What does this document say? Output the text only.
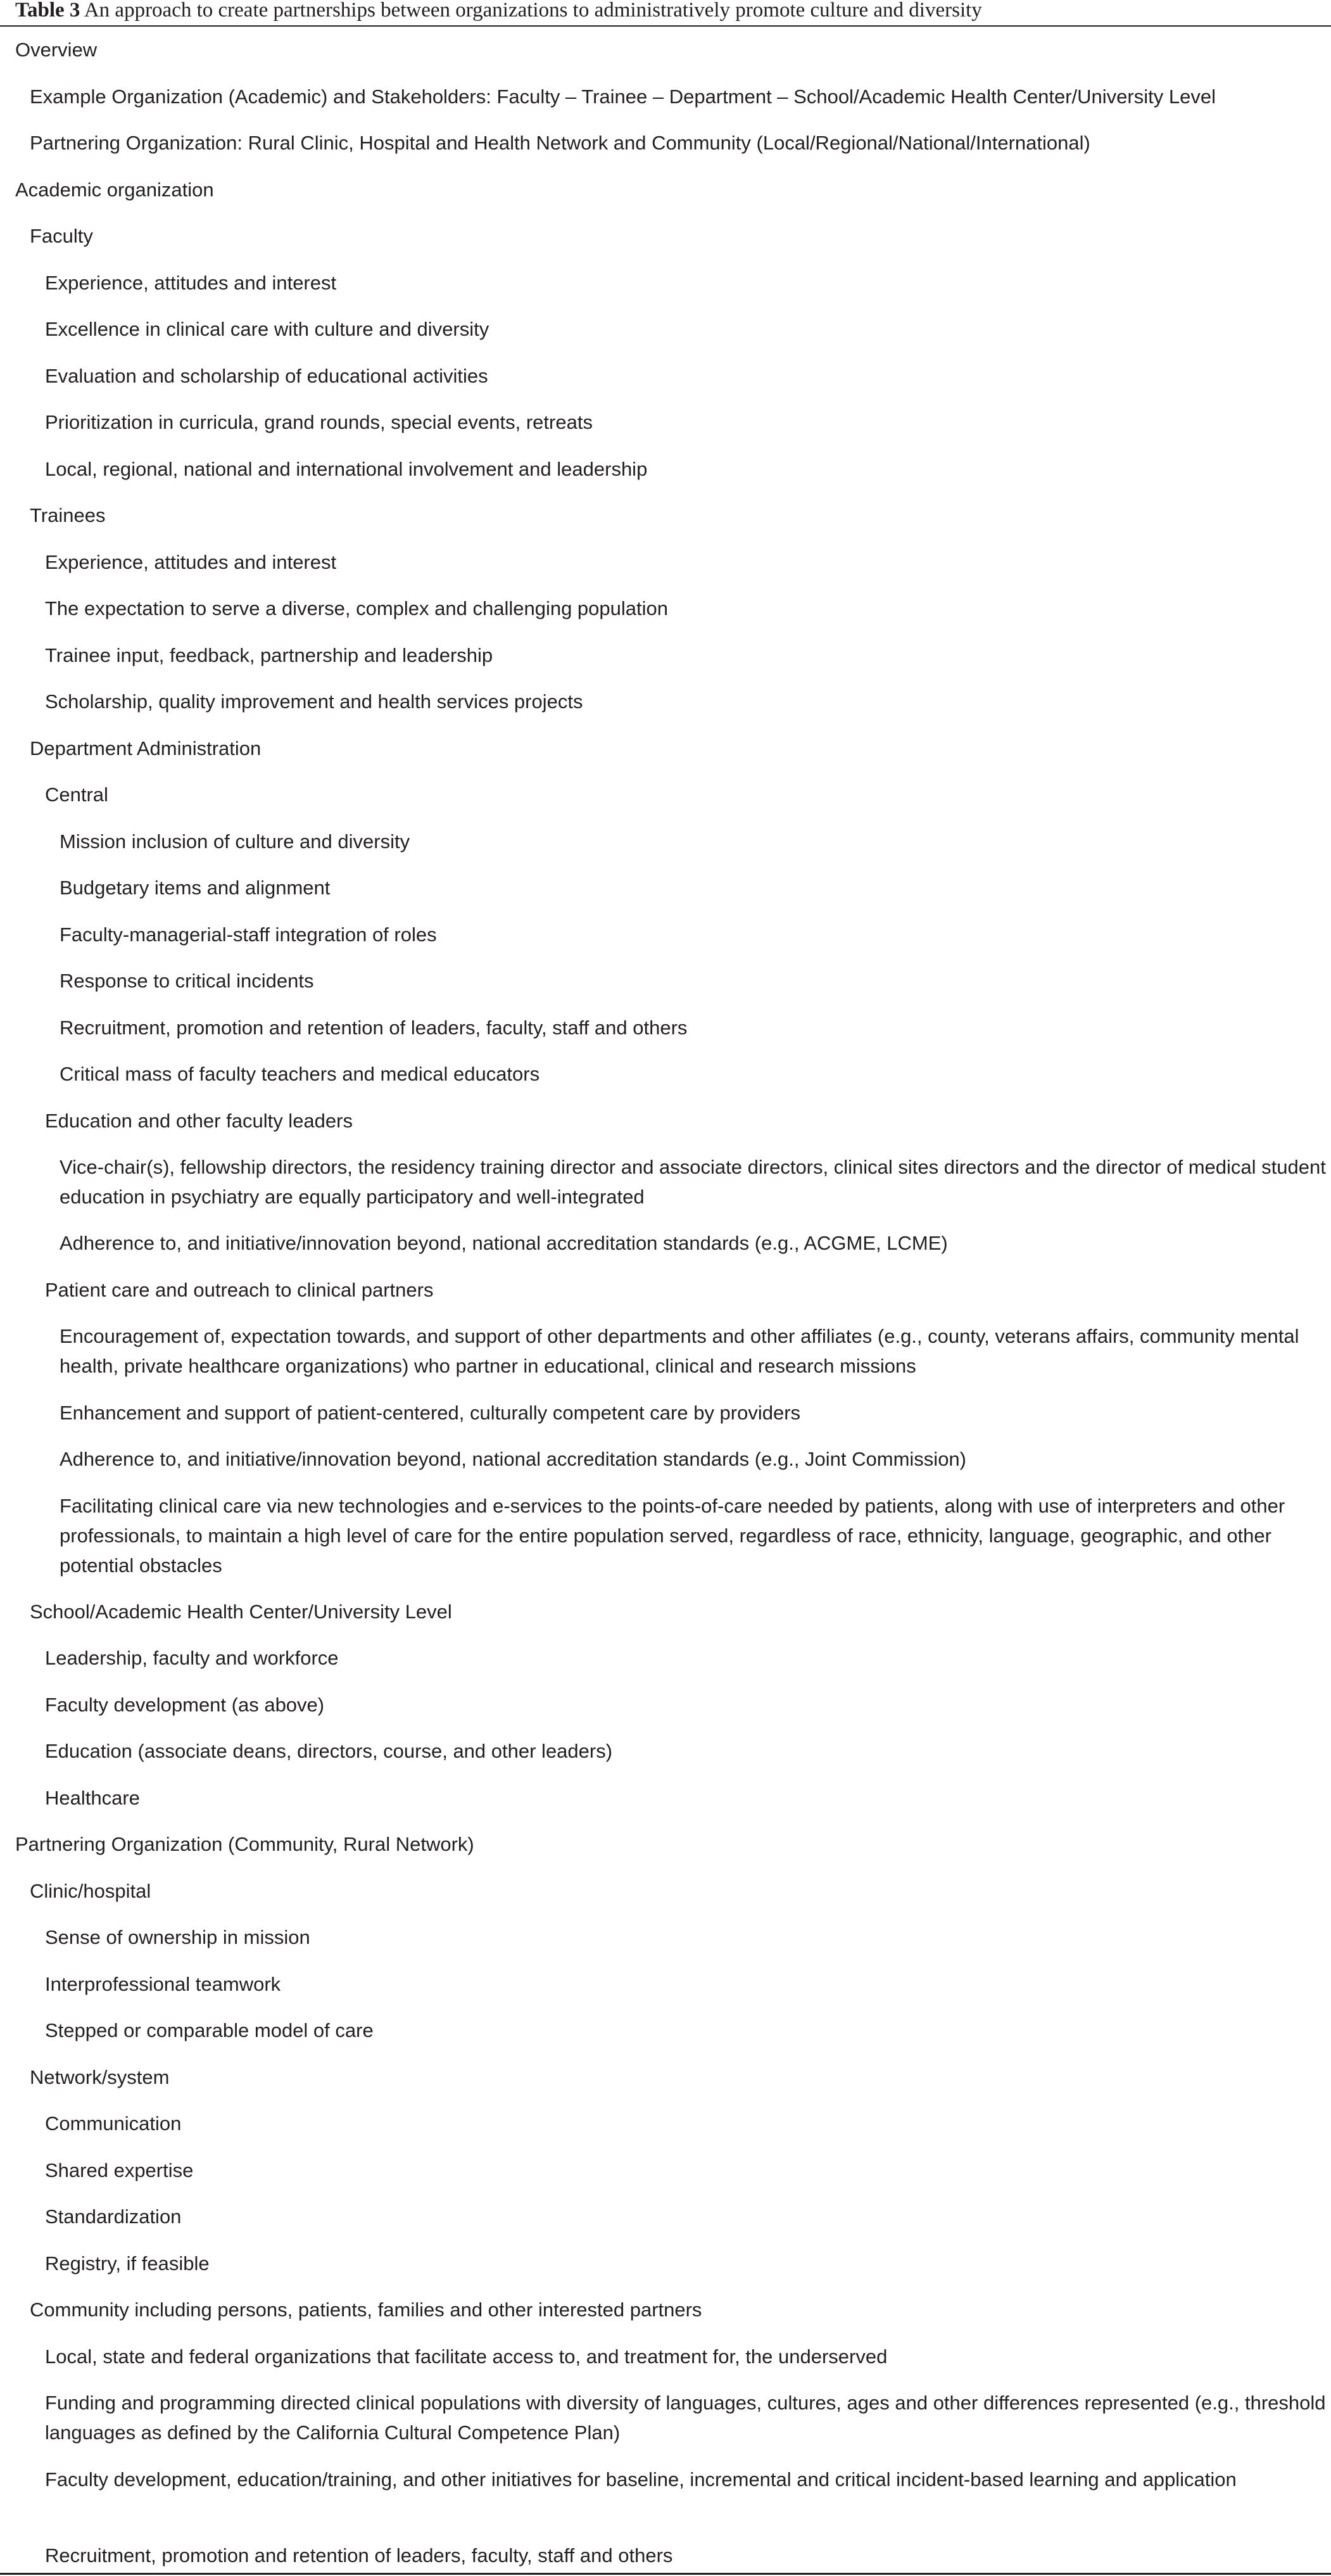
Table 3 An approach to create partnerships between organizations to administratively promote culture and diversity
Overview
Example Organization (Academic) and Stakeholders: Faculty – Trainee – Department – School/Academic Health Center/University Level
Partnering Organization: Rural Clinic, Hospital and Health Network and Community (Local/Regional/National/International)
Academic organization
Faculty
Experience, attitudes and interest
Excellence in clinical care with culture and diversity
Evaluation and scholarship of educational activities
Prioritization in curricula, grand rounds, special events, retreats
Local, regional, national and international involvement and leadership
Trainees
Experience, attitudes and interest
The expectation to serve a diverse, complex and challenging population
Trainee input, feedback, partnership and leadership
Scholarship, quality improvement and health services projects
Department Administration
Central
Mission inclusion of culture and diversity
Budgetary items and alignment
Faculty-managerial-staff integration of roles
Response to critical incidents
Recruitment, promotion and retention of leaders, faculty, staff and others
Critical mass of faculty teachers and medical educators
Education and other faculty leaders
Vice-chair(s), fellowship directors, the residency training director and associate directors, clinical sites directors and the director of medical student education in psychiatry are equally participatory and well-integrated
Adherence to, and initiative/innovation beyond, national accreditation standards (e.g., ACGME, LCME)
Patient care and outreach to clinical partners
Encouragement of, expectation towards, and support of other departments and other affiliates (e.g., county, veterans affairs, community mental health, private healthcare organizations) who partner in educational, clinical and research missions
Enhancement and support of patient-centered, culturally competent care by providers
Adherence to, and initiative/innovation beyond, national accreditation standards (e.g., Joint Commission)
Facilitating clinical care via new technologies and e-services to the points-of-care needed by patients, along with use of interpreters and other professionals, to maintain a high level of care for the entire population served, regardless of race, ethnicity, language, geographic, and other potential obstacles
School/Academic Health Center/University Level
Leadership, faculty and workforce
Faculty development (as above)
Education (associate deans, directors, course, and other leaders)
Healthcare
Partnering Organization (Community, Rural Network)
Clinic/hospital
Sense of ownership in mission
Interprofessional teamwork
Stepped or comparable model of care
Network/system
Communication
Shared expertise
Standardization
Registry, if feasible
Community including persons, patients, families and other interested partners
Local, state and federal organizations that facilitate access to, and treatment for, the underserved
Funding and programming directed clinical populations with diversity of languages, cultures, ages and other differences represented (e.g., threshold languages as defined by the California Cultural Competence Plan)
Faculty development, education/training, and other initiatives for baseline, incremental and critical incident-based learning and application
Recruitment, promotion and retention of leaders, faculty, staff and others
